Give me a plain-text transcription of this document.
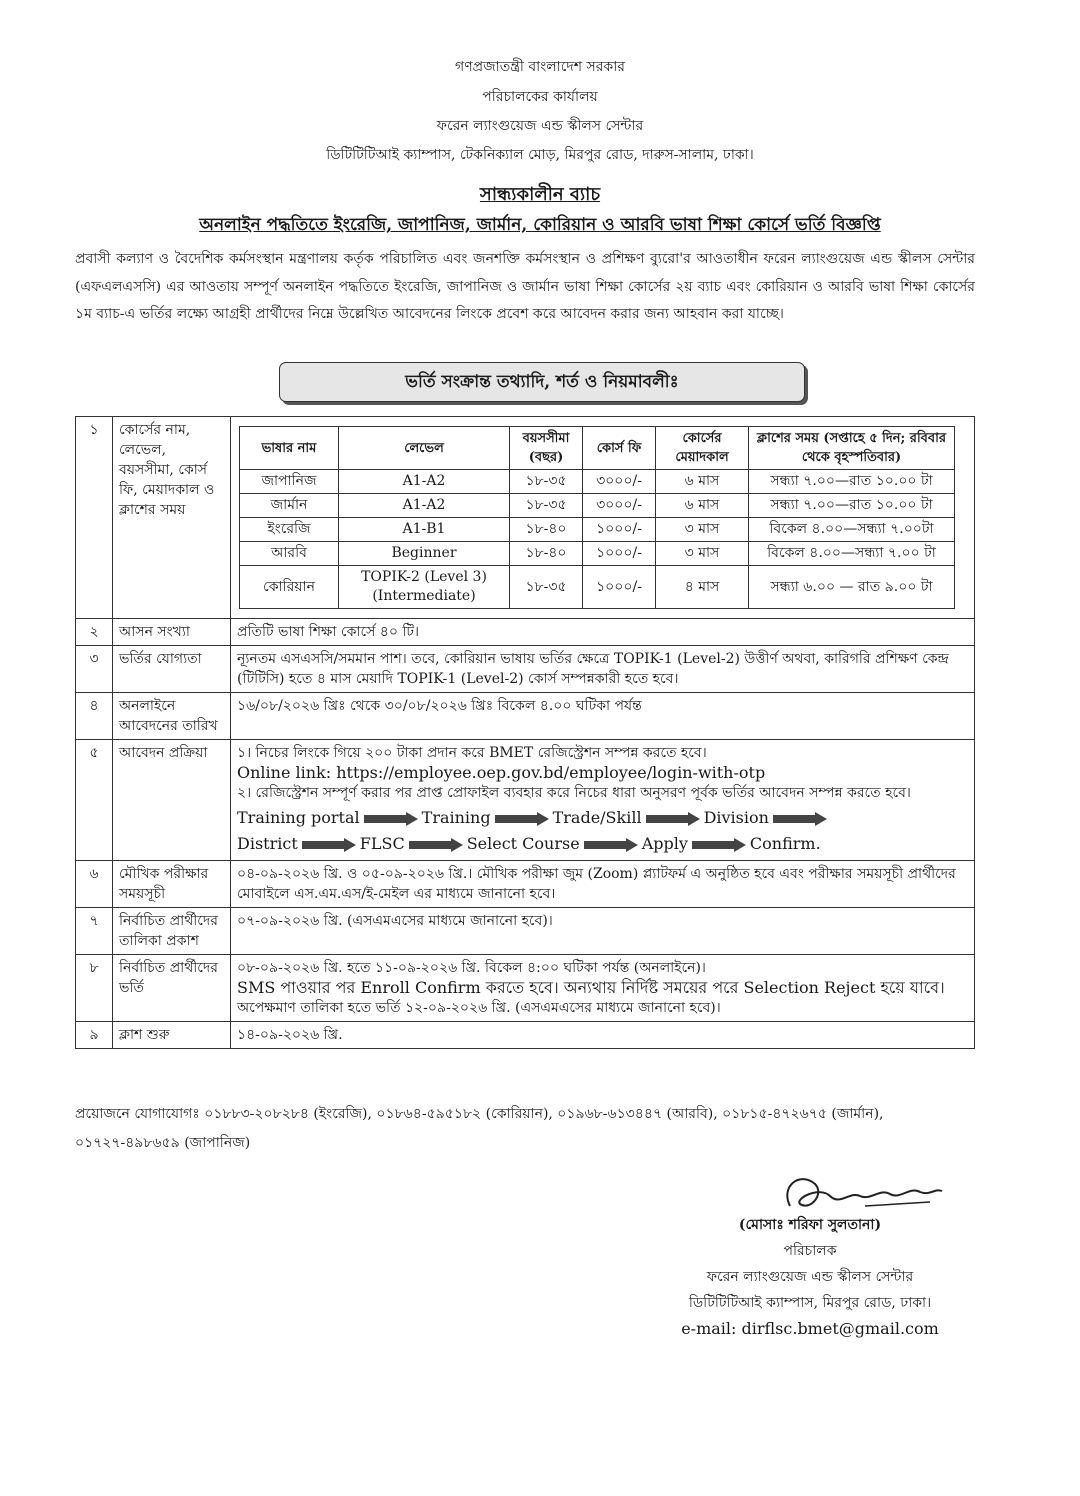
গণপ্রজাতন্ত্রী বাংলাদেশ সরকার
পরিচালকের কার্যালয়
ফরেন ল্যাংগুয়েজ এন্ড স্কীলস সেন্টার
ডিটিটিটিআই ক্যাম্পাস, টেকনিক্যাল মোড়, মিরপুর রোড, দারুস-সালাম, ঢাকা।
সান্ধ্যকালীন ব্যাচ
অনলাইন পদ্ধতিতে ইংরেজি, জাপানিজ, জার্মান, কোরিয়ান ও আরবি ভাষা শিক্ষা কোর্সে ভর্তি বিজ্ঞপ্তি
প্রবাসী কল্যাণ ও বৈদেশিক কর্মসংস্থান মন্ত্রণালয় কর্তৃক পরিচালিত এবং জনশক্তি কর্মসংস্থান ও প্রশিক্ষণ ব্যুরো'র আওতাধীন ফরেন ল্যাংগুয়েজ এন্ড স্কীলস সেন্টার (এফএলএসসি) এর আওতায় সম্পূর্ণ অনলাইন পদ্ধতিতে ইংরেজি, জাপানিজ ও জার্মান ভাষা শিক্ষা কোর্সের ২য় ব্যাচ এবং কোরিয়ান ও আরবি ভাষা শিক্ষা কোর্সের ১ম ব্যাচ-এ ভর্তির লক্ষ্যে আগ্রহী প্রার্থীদের নিম্নে উল্লেখিত আবেদনের লিংকে প্রবেশ করে আবেদন করার জন্য আহবান করা যাচ্ছে।
ভর্তি সংক্রান্ত তথ্যাদি, শর্ত ও নিয়মাবলীঃ
১	কোর্সের নাম, লেভেল, বয়সসীমা, কোর্স ফি, মেয়াদকাল ও ক্লাশের সময়	
ভাষার নাম	লেভেল	বয়সসীমা (বছর)	কোর্স ফি	কোর্সের মেয়াদকাল	ক্লাশের সময় (সপ্তাহে ৫ দিন; রবিবার থেকে বৃহস্পতিবার)
জাপানিজ	A1-A2	১৮-৩৫	৩০০০/-	৬ মাস	সন্ধ্যা ৭.০০—রাত ১০.০০ টা
জার্মান	A1-A2	১৮-৩৫	৩০০০/-	৬ মাস	সন্ধ্যা ৭.০০—রাত ১০.০০ টা
ইংরেজি	A1-B1	১৮-৪০	১০০০/-	৩ মাস	বিকেল ৪.০০—সন্ধ্যা ৭.০০টা
আরবি	Beginner	১৮-৪০	১০০০/-	৩ মাস	বিকেল ৪.০০—সন্ধ্যা ৭.০০ টা
কোরিয়ান	TOPIK-2 (Level 3) (Intermediate)	১৮-৩৫	১০০০/-	৪ মাস	সন্ধ্যা ৬.০০ — রাত ৯.০০ টা

২	আসন সংখ্যা	প্রতিটি ভাষা শিক্ষা কোর্সে ৪০ টি।
৩	ভর্তির যোগ্যতা	ন্যূনতম এসএসসি/সমমান পাশ। তবে, কোরিয়ান ভাষায় ভর্তির ক্ষেত্রে TOPIK-1 (Level-2) উত্তীর্ণ অথবা, কারিগরি প্রশিক্ষণ কেন্দ্র (টিটিসি) হতে ৪ মাস মেয়াদি TOPIK-1 (Level-2) কোর্স সম্পন্নকারী হতে হবে।
৪	অনলাইনে আবেদনের তারিখ	১৬/০৮/২০২৬ খ্রিঃ থেকে ৩০/০৮/২০২৬ খ্রিঃ বিকেল ৪.০০ ঘটিকা পর্যন্ত
৫	আবেদন প্রক্রিয়া	১। নিচের লিংকে গিয়ে ২০০ টাকা প্রদান করে BMET রেজিস্ট্রেশন সম্পন্ন করতে হবে।

Online link: https://employee.oep.gov.bd/employee/login-with-otp

২। রেজিস্ট্রেশন সম্পূর্ণ করার পর প্রাপ্ত প্রোফাইল ব্যবহার করে নিচের ধারা অনুসরণ পূর্বক ভর্তির আবেদন সম্পন্ন করতে হবে।

Training portal	Training	Trade/Skill	Division
District	FLSC	Select Course	Apply	Confirm.

৬	মৌখিক পরীক্ষার সময়সূচী	০৪-০৯-২০২৬ খ্রি. ও ০৫-০৯-২০২৬ খ্রি.। মৌখিক পরীক্ষা জুম (Zoom) প্ল্যাটফর্ম এ অনুষ্ঠিত হবে এবং পরীক্ষার সময়সূচী প্রার্থীদের মোবাইলে এস.এম.এস/ই-মেইল এর মাধ্যমে জানানো হবে।
৭	নির্বাচিত প্রার্থীদের তালিকা প্রকাশ	০৭-০৯-২০২৬ খ্রি. (এসএমএসের মাধ্যমে জানানো হবে)।
৮	নির্বাচিত প্রার্থীদের ভর্তি	

০৮-০৯-২০২৬ খ্রি. হতে ১১-০৯-২০২৬ খ্রি. বিকেল ৪:০০ ঘটিকা পর্যন্ত (অনলাইনে)।

SMS পাওয়ার পর Enroll Confirm করতে হবে। অন্যথায় নির্দিষ্ট সময়ের পরে Selection Reject হয়ে যাবে।

অপেক্ষমাণ তালিকা হতে ভর্তি ১২-০৯-২০২৬ খ্রি. (এসএমএসের মাধ্যমে জানানো হবে)।

৯	ক্লাশ শুরু	১৪-০৯-২০২৬ খ্রি.
প্রয়োজনে যোগাযোগঃ ০১৮৮৩-২০৮২৮৪ (ইংরেজি), ০১৮৬৪-৫৯৫১৮২ (কোরিয়ান), ০১৯৬৮-৬১৩৪৪৭ (আরবি), ০১৮১৫-৪৭২৬৭৫ (জার্মান), ০১৭২৭-৪৯৮৬৫৯ (জাপানিজ)
(মোসাঃ শরিফা সুলতানা)
পরিচালক
ফরেন ল্যাংগুয়েজ এন্ড স্কীলস সেন্টার
ডিটিটিটিআই ক্যাম্পাস, মিরপুর রোড, ঢাকা।
e-mail: dirflsc.bmet@gmail.com
